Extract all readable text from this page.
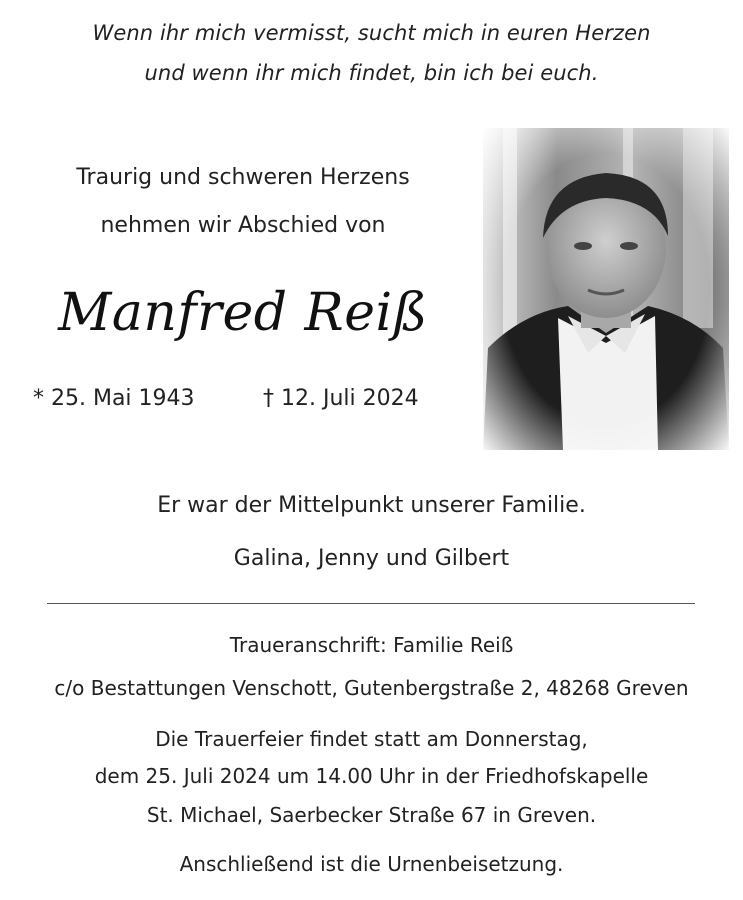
Wenn ihr mich vermisst, sucht mich in euren Herzen
und wenn ihr mich findet, bin ich bei euch.
Traurig und schweren Herzens
nehmen wir Abschied von
Manfred Reiß
* 25. Mai 1943	† 12. Juli 2024
Er war der Mittelpunkt unserer Familie.
Galina, Jenny und Gilbert
Traueranschrift: Familie Reiß
c/o Bestattungen Venschott, Gutenbergstraße 2, 48268 Greven
Die Trauerfeier findet statt am Donnerstag,
dem 25. Juli 2024 um 14.00 Uhr in der Friedhofskapelle
St. Michael, Saerbecker Straße 67 in Greven.
Anschließend ist die Urnenbeisetzung.
